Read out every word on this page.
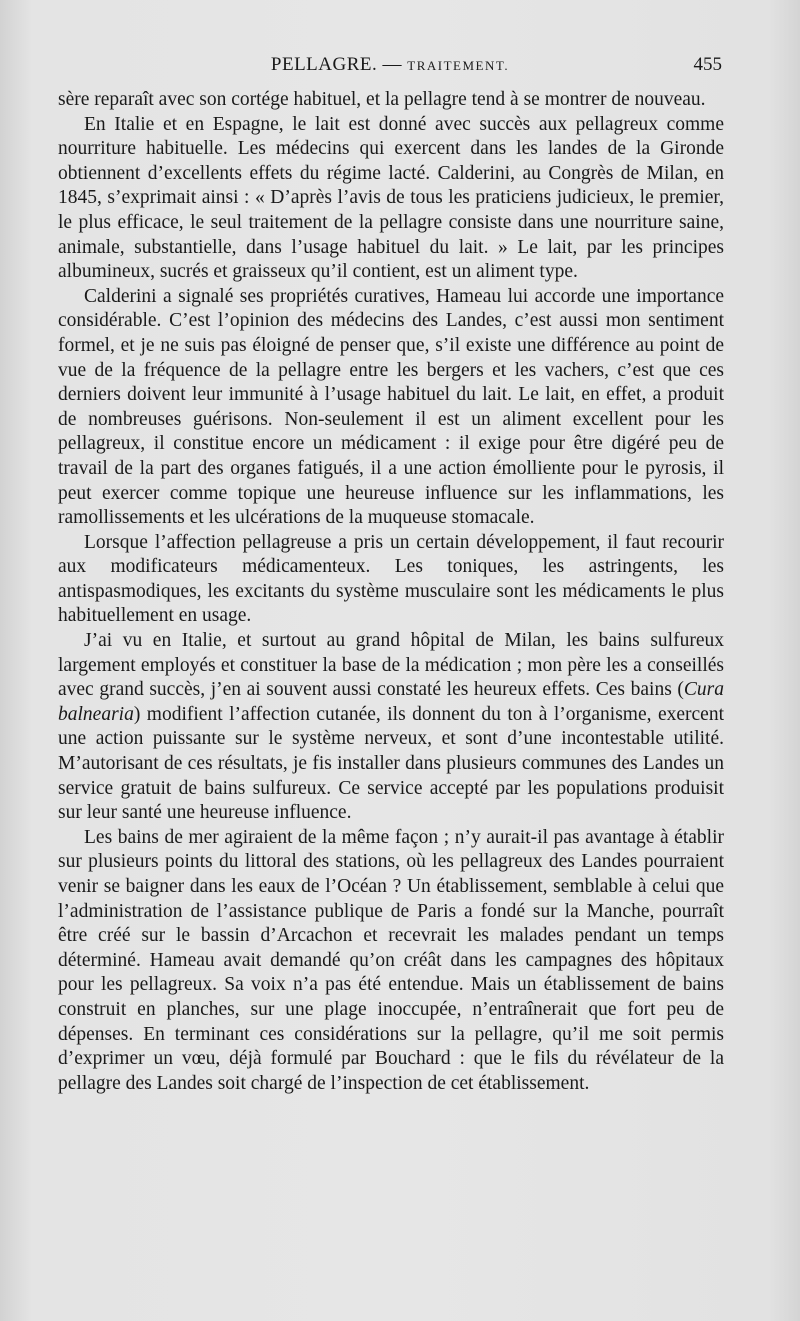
PELLAGRE. — TRAITEMENT.	455

sère reparaît avec son cortége habituel, et la pellagre tend à se montrer de nouveau.

En Italie et en Espagne, le lait est donné avec succès aux pellagreux comme nourriture habituelle. Les médecins qui exercent dans les landes de la Gironde obtiennent d’excellents effets du régime lacté. Calderini, au Congrès de Milan, en 1845, s’exprimait ainsi : « D’après l’avis de tous les praticiens judicieux, le premier, le plus efficace, le seul traitement de la pellagre consiste dans une nourriture saine, animale, substantielle, dans l’usage habituel du lait. » Le lait, par les principes albumineux, sucrés et graisseux qu’il contient, est un aliment type.

Calderini a signalé ses propriétés curatives, Hameau lui accorde une importance considérable. C’est l’opinion des médecins des Landes, c’est aussi mon sentiment formel, et je ne suis pas éloigné de penser que, s’il existe une différence au point de vue de la fréquence de la pellagre entre les bergers et les vachers, c’est que ces derniers doivent leur immunité à l’usage habituel du lait. Le lait, en effet, a produit de nombreuses guérisons. Non-seulement il est un aliment excellent pour les pellagreux, il constitue encore un médicament : il exige pour être digéré peu de travail de la part des organes fatigués, il a une action émolliente pour le pyrosis, il peut exercer comme topique une heureuse influence sur les inflammations, les ramollissements et les ulcérations de la muqueuse stomacale.

Lorsque l’affection pellagreuse a pris un certain développement, il faut recourir aux modificateurs médicamenteux. Les toniques, les astringents, les antispasmodiques, les excitants du système musculaire sont les médicaments le plus habituellement en usage.

J’ai vu en Italie, et surtout au grand hôpital de Milan, les bains sulfureux largement employés et constituer la base de la médication ; mon père les a conseillés avec grand succès, j’en ai souvent aussi constaté les heureux effets. Ces bains (Cura balnearia) modifient l’affection cutanée, ils donnent du ton à l’organisme, exercent une action puissante sur le système nerveux, et sont d’une incontestable utilité. M’autorisant de ces résultats, je fis installer dans plusieurs communes des Landes un service gratuit de bains sulfureux. Ce service accepté par les populations produisit sur leur santé une heureuse influence.

Les bains de mer agiraient de la même façon ; n’y aurait-il pas avantage à établir sur plusieurs points du littoral des stations, où les pellagreux des Landes pourraient venir se baigner dans les eaux de l’Océan ? Un établissement, semblable à celui que l’administration de l’assistance publique de Paris a fondé sur la Manche, pourraît être créé sur le bassin d’Arcachon et recevrait les malades pendant un temps déterminé. Hameau avait demandé qu’on créât dans les campagnes des hôpitaux pour les pellagreux. Sa voix n’a pas été entendue. Mais un établissement de bains construit en planches, sur une plage inoccupée, n’entraînerait que fort peu de dépenses. En terminant ces considérations sur la pellagre, qu’il me soit permis d’exprimer un vœu, déjà formulé par Bouchard : que le fils du révélateur de la pellagre des Landes soit chargé de l’inspection de cet établissement.
